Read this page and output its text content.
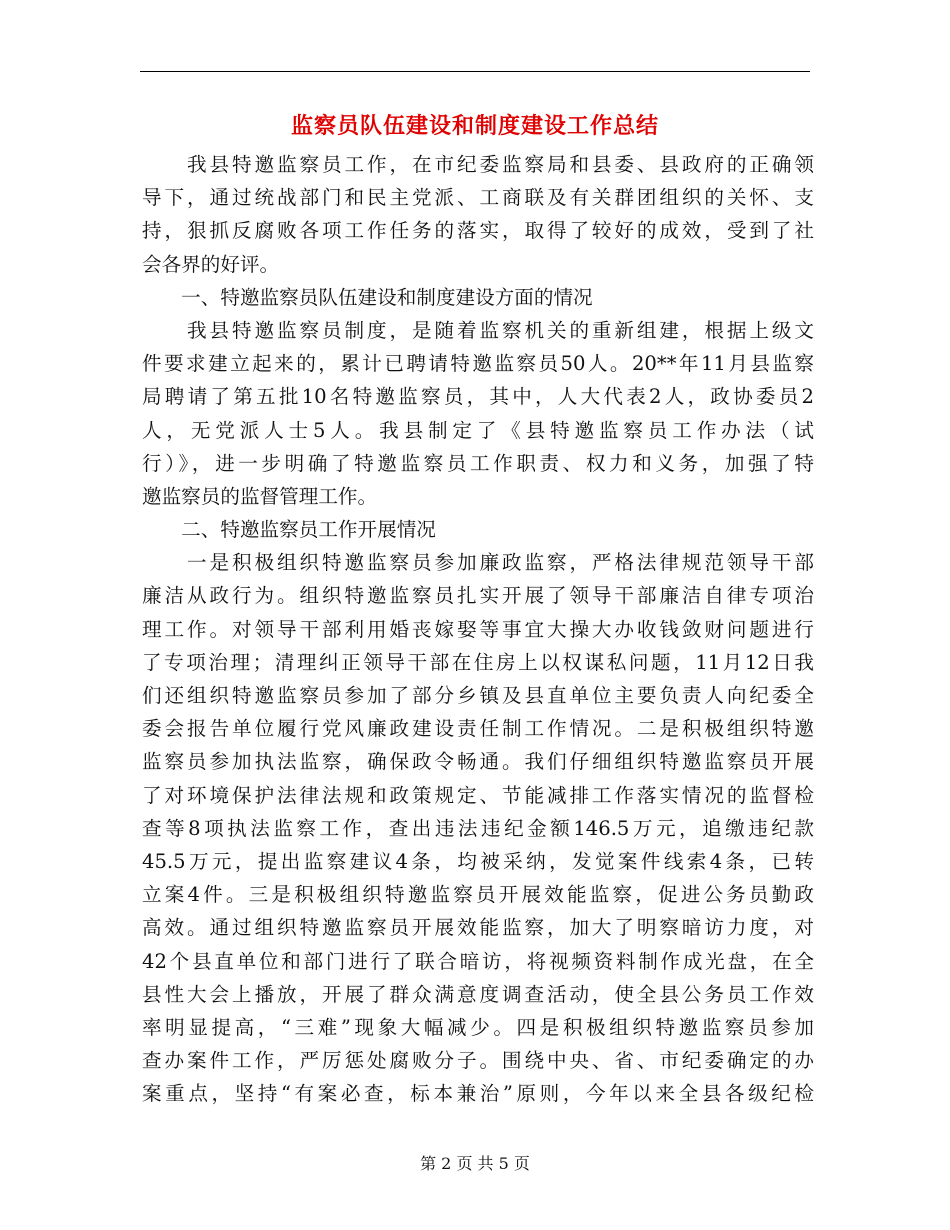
监察员队伍建设和制度建设工作总结
　　我县特邀监察员工作，在市纪委监察局和县委、县政府的正确领
导下，通过统战部门和民主党派、工商联及有关群团组织的关怀、支
持，狠抓反腐败各项工作任务的落实，取得了较好的成效，受到了社
会各界的好评。
　　一、特邀监察员队伍建设和制度建设方面的情况
　　我县特邀监察员制度，是随着监察机关的重新组建，根据上级文
件要求建立起来的，累计已聘请特邀监察员50人。20**年11月县监察
局聘请了第五批10名特邀监察员，其中，人大代表2人，政协委员2
人，无党派人士5人。我县制定了《县特邀监察员工作办法（试
行）》，进一步明确了特邀监察员工作职责、权力和义务，加强了特
邀监察员的监督管理工作。
　　二、特邀监察员工作开展情况
　　一是积极组织特邀监察员参加廉政监察，严格法律规范领导干部
廉洁从政行为。组织特邀监察员扎实开展了领导干部廉洁自律专项治
理工作。对领导干部利用婚丧嫁娶等事宜大操大办收钱敛财问题进行
了专项治理；清理纠正领导干部在住房上以权谋私问题，11月12日我
们还组织特邀监察员参加了部分乡镇及县直单位主要负责人向纪委全
委会报告单位履行党风廉政建设责任制工作情况。二是积极组织特邀
监察员参加执法监察，确保政令畅通。我们仔细组织特邀监察员开展
了对环境保护法律法规和政策规定、节能减排工作落实情况的监督检
查等8项执法监察工作，查出违法违纪金额146.5万元，追缴违纪款
45.5万元，提出监察建议4条，均被采纳，发觉案件线索4条，已转
立案4件。三是积极组织特邀监察员开展效能监察，促进公务员勤政
高效。通过组织特邀监察员开展效能监察，加大了明察暗访力度，对
42个县直单位和部门进行了联合暗访，将视频资料制作成光盘，在全
县性大会上播放，开展了群众满意度调查活动，使全县公务员工作效
率明显提高，“三难”现象大幅减少。四是积极组织特邀监察员参加
查办案件工作，严厉惩处腐败分子。围绕中央、省、市纪委确定的办
案重点，坚持“有案必查，标本兼治”原则，今年以来全县各级纪检
第 2 页 共 5 页
